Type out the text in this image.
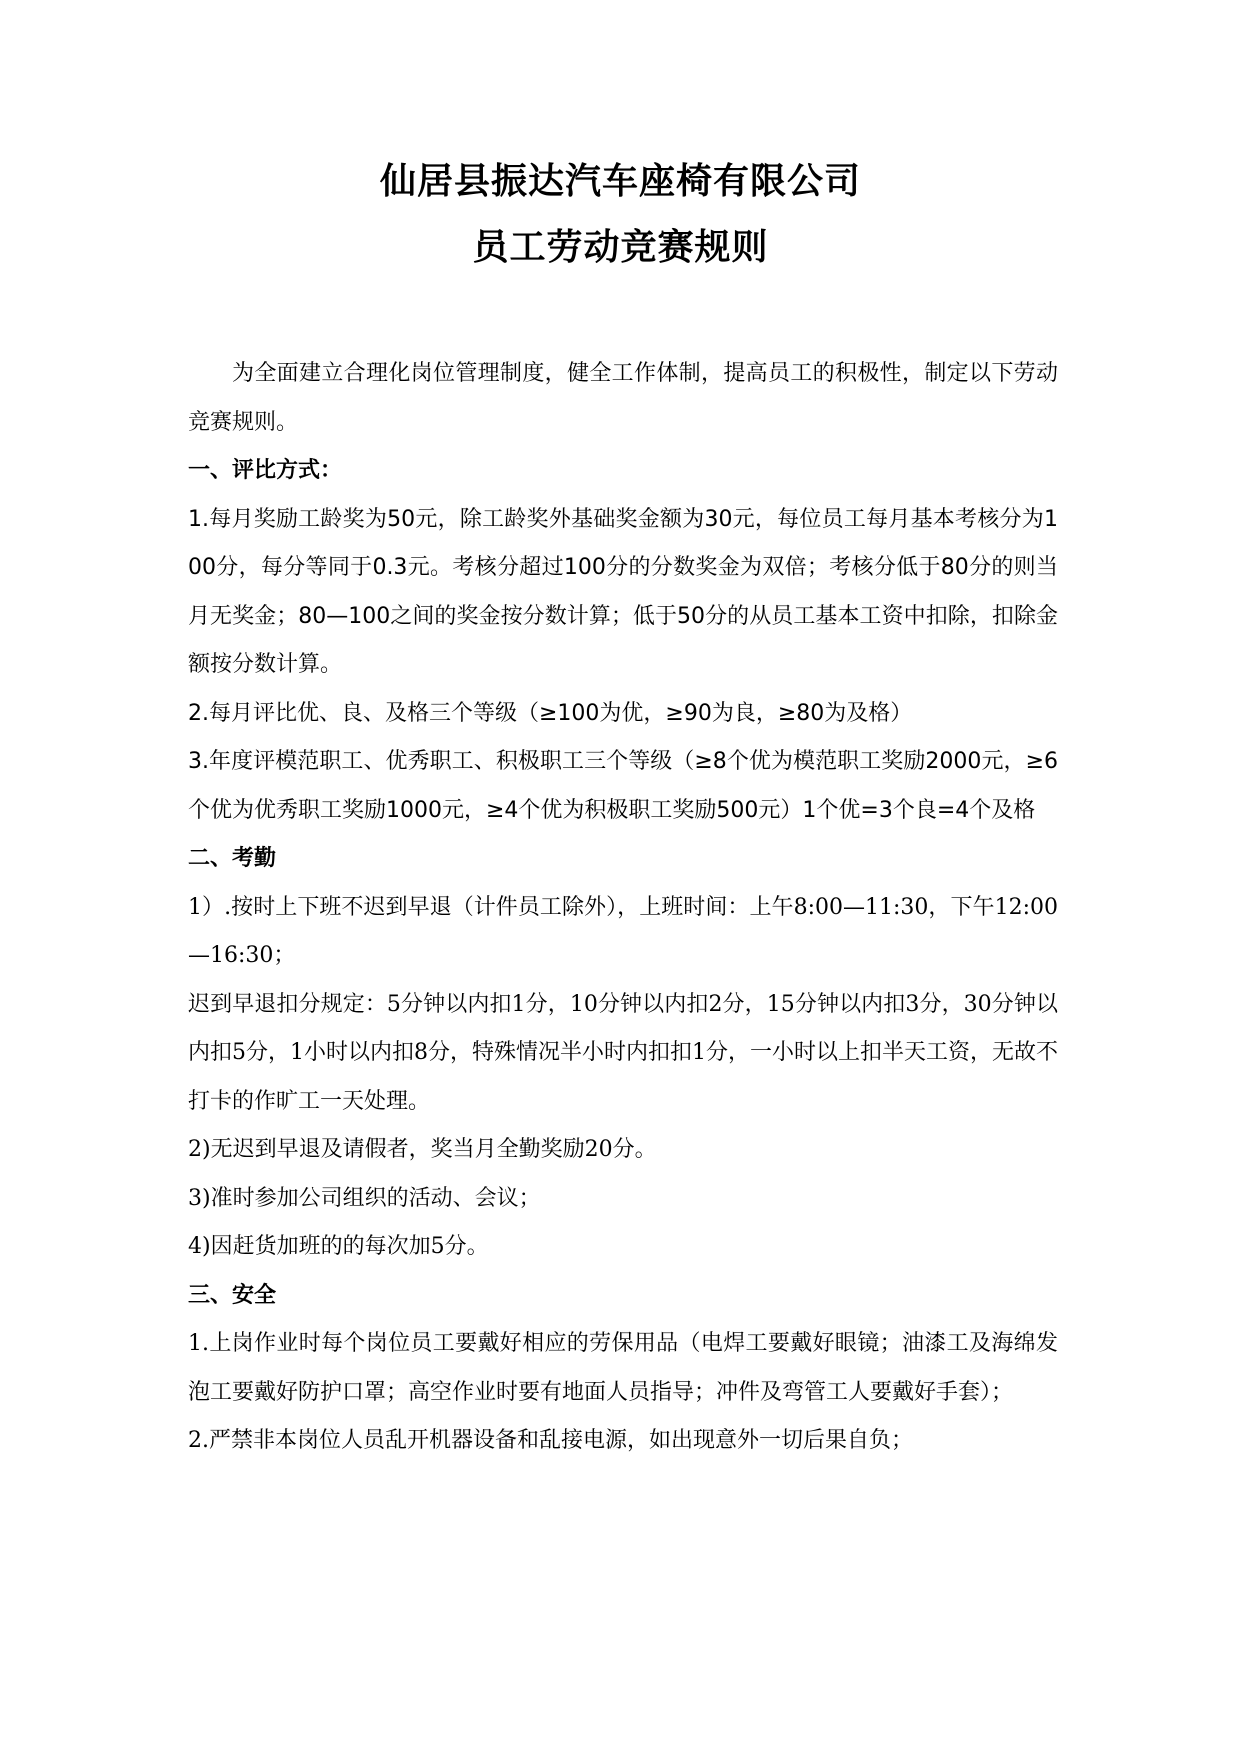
仙居县振达汽车座椅有限公司
员工劳动竞赛规则

为全面建立合理化岗位管理制度，健全工作体制，提高员工的积极性，制定以下劳动竞赛规则。

一、评比方式：

1.每月奖励工龄奖为50元，除工龄奖外基础奖金额为30元，每位员工每月基本考核分为100分，每分等同于0.3元。考核分超过100分的分数奖金为双倍；考核分低于80分的则当月无奖金；80—100之间的奖金按分数计算；低于50分的从员工基本工资中扣除，扣除金额按分数计算。

2.每月评比优、良、及格三个等级（≥100为优，≥90为良，≥80为及格）

3.年度评模范职工、优秀职工、积极职工三个等级（≥8个优为模范职工奖励2000元，≥6个优为优秀职工奖励1000元，≥4个优为积极职工奖励500元）1个优=3个良=4个及格

二、考勤

1）.按时上下班不迟到早退（计件员工除外），上班时间：上午8:00—11:30，下午12:00—16:30；

迟到早退扣分规定：5分钟以内扣1分，10分钟以内扣2分，15分钟以内扣3分，30分钟以内扣5分，1小时以内扣8分，特殊情况半小时内扣扣1分，一小时以上扣半天工资，无故不打卡的作旷工一天处理。

2)无迟到早退及请假者，奖当月全勤奖励20分。

3)准时参加公司组织的活动、会议；

4)因赶货加班的的每次加5分。

三、安全

1.上岗作业时每个岗位员工要戴好相应的劳保用品（电焊工要戴好眼镜；油漆工及海绵发泡工要戴好防护口罩；高空作业时要有地面人员指导；冲件及弯管工人要戴好手套）；

2.严禁非本岗位人员乱开机器设备和乱接电源，如出现意外一切后果自负；
